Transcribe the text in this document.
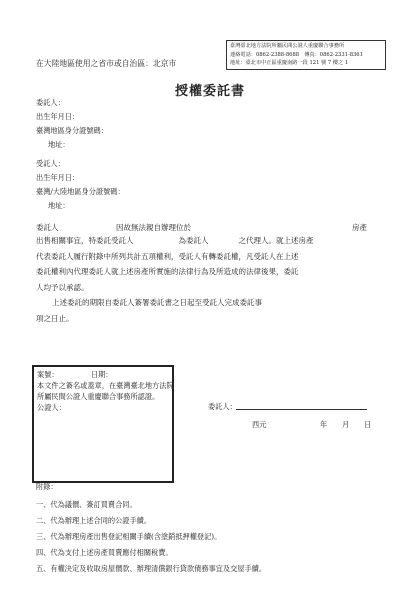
在大陸地區使用之省市或自治區：北京市
臺灣臺北地方法院所屬民間公證人重慶聯合事務所
連絡電話：0862-2388-8688　傳真：0862-2331-8361
地址：臺北市中正區重慶南路一段 121 號 7 樓之 1
授權委託書
委託人：
出生年月日：
臺灣地區身分證號碼：
地址：
受託人：
出生年月日：
臺灣/大陸地區身分證號碼：
地址：
委託人	因故無法親自辦理位於	房產
出售相關事宜，特委託受託人　　　　　　為委託人　　　　之代理人。就上述房產
代表委託人履行附錄中所列共計五項權利，受託人有轉委託權，凡受託人在上述
委託權利內代理委託人就上述房產所實施的法律行為及所造成的法律後果，委託
人均予以承認。
上述委託的期限自委託人簽署委託書之日起至受託人完成委託事
項之日止。
案號：　　　　　日期：
本文件之簽名或蓋章，在臺灣臺北地方法院
所屬民間公證人重慶聯合事務所認證。
公證人：	委託人：
西元	年 月 日
附錄：
一、代為議價、簽訂買賣合同。
二、代為辦理上述合同的公證手續。
三、代為辦理房產出售登記相關手續(含塗銷抵押權登記)。
四、代為支付上述房產買賣應付相關稅費。
五、有權決定及收取房屋價款、辦理清償銀行貸款債務事宜及交屋手續。
